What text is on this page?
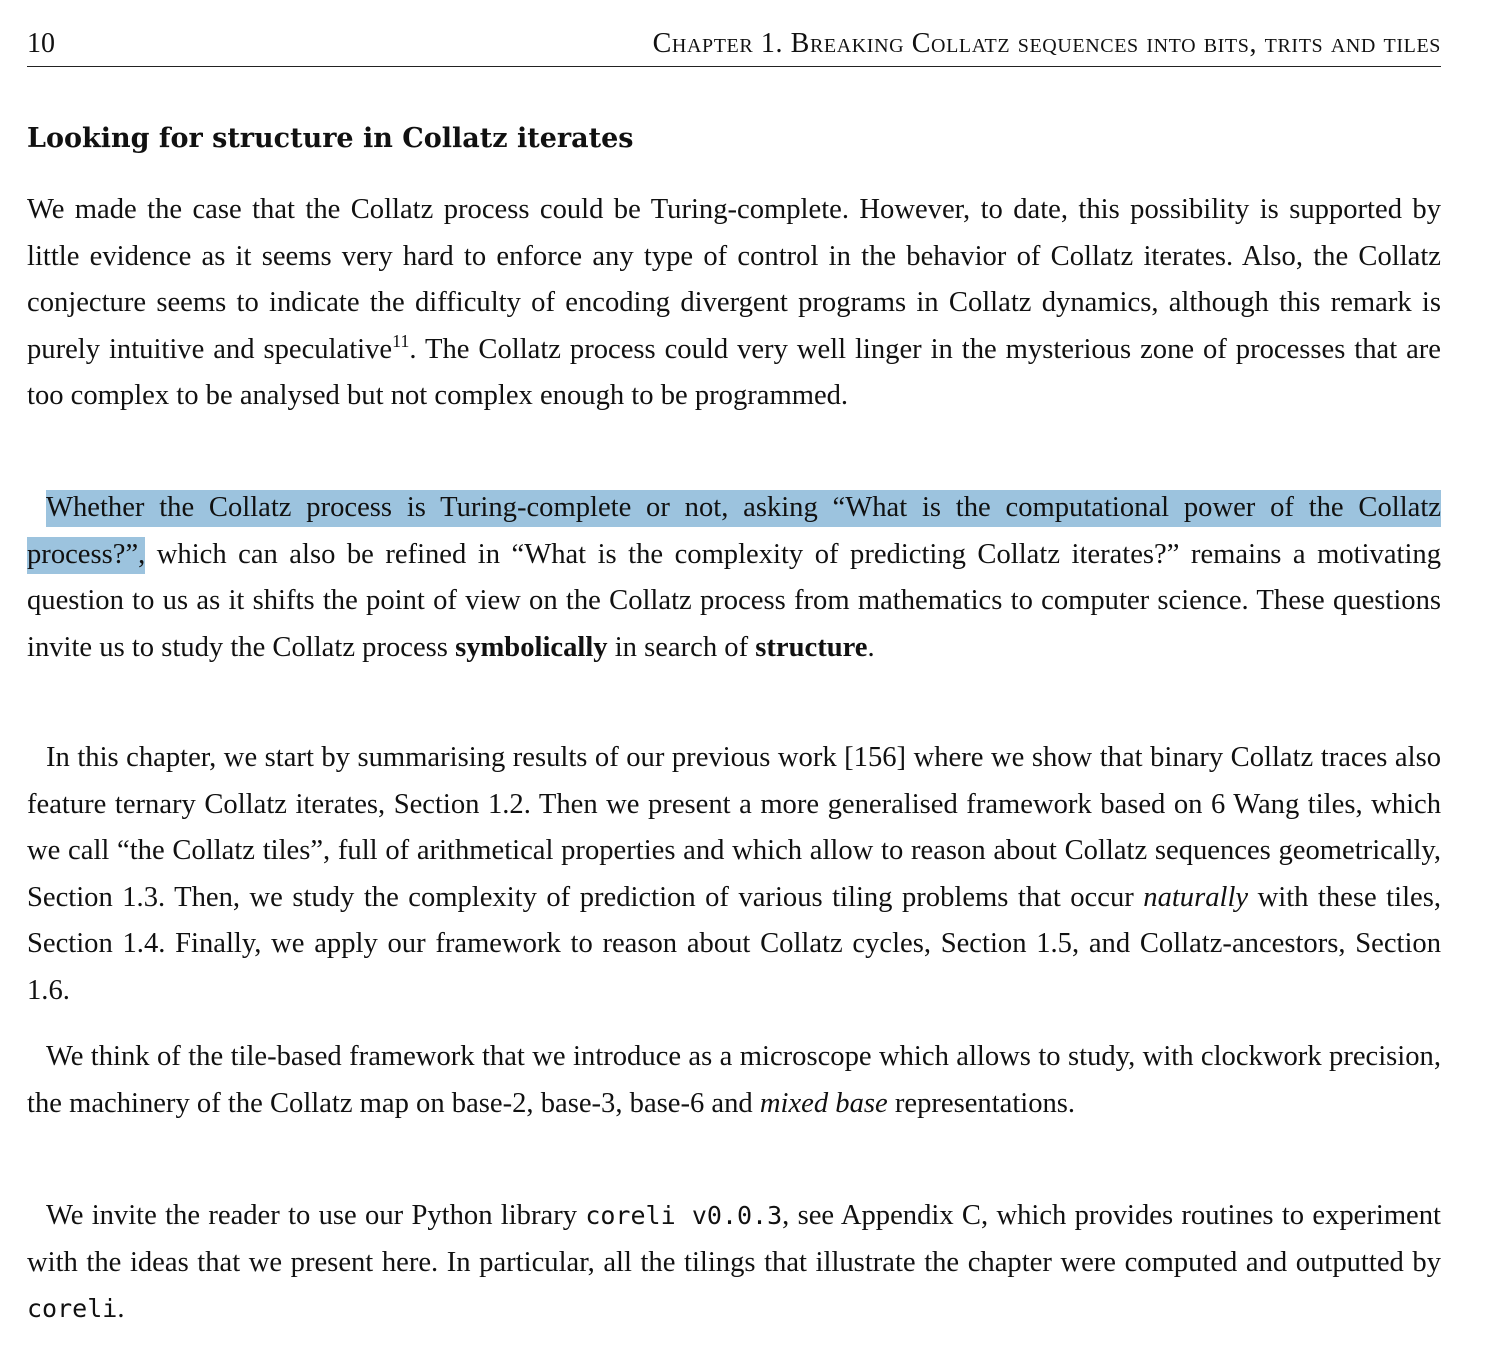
10	Chapter 1. Breaking Collatz sequences into bits, trits and tiles
Looking for structure in Collatz iterates

We made the case that the Collatz process could be Turing-complete. However, to date, this possibility is supported by little evidence as it seems very hard to enforce any type of control in the behavior of Collatz iterates. Also, the Collatz conjecture seems to indicate the difficulty of encoding divergent programs in Collatz dynamics, although this remark is purely intuitive and speculative$^{11}$. The Collatz process could very well linger in the mysterious zone of processes that are too complex to be analysed but not complex enough to be programmed.

Whether the Collatz process is Turing-complete or not, asking “What is the computational power of the Collatz process?”, which can also be refined in “What is the complexity of predicting Collatz iterates?” remains a motivating question to us as it shifts the point of view on the Collatz process from mathematics to computer science. These questions invite us to study the Collatz process symbolically in search of structure.

In this chapter, we start by summarising results of our previous work [156] where we show that binary Collatz traces also feature ternary Collatz iterates, Section 1.2. Then we present a more generalised framework based on 6 Wang tiles, which we call “the Collatz tiles”, full of arithmetical properties and which allow to reason about Collatz sequences geometrically, Section 1.3. Then, we study the complexity of prediction of various tiling problems that occur naturally with these tiles, Section 1.4. Finally, we apply our framework to reason about Collatz cycles, Section 1.5, and Collatz-ancestors, Section 1.6.

We think of the tile-based framework that we introduce as a microscope which allows to study, with clockwork precision, the machinery of the Collatz map on base-2, base-3, base-6 and mixed base representations.

We invite the reader to use our Python library coreli v0.0.3, see Appendix C, which provides routines to experiment with the ideas that we present here. In particular, all the tilings that illustrate the chapter were computed and outputted by coreli.
